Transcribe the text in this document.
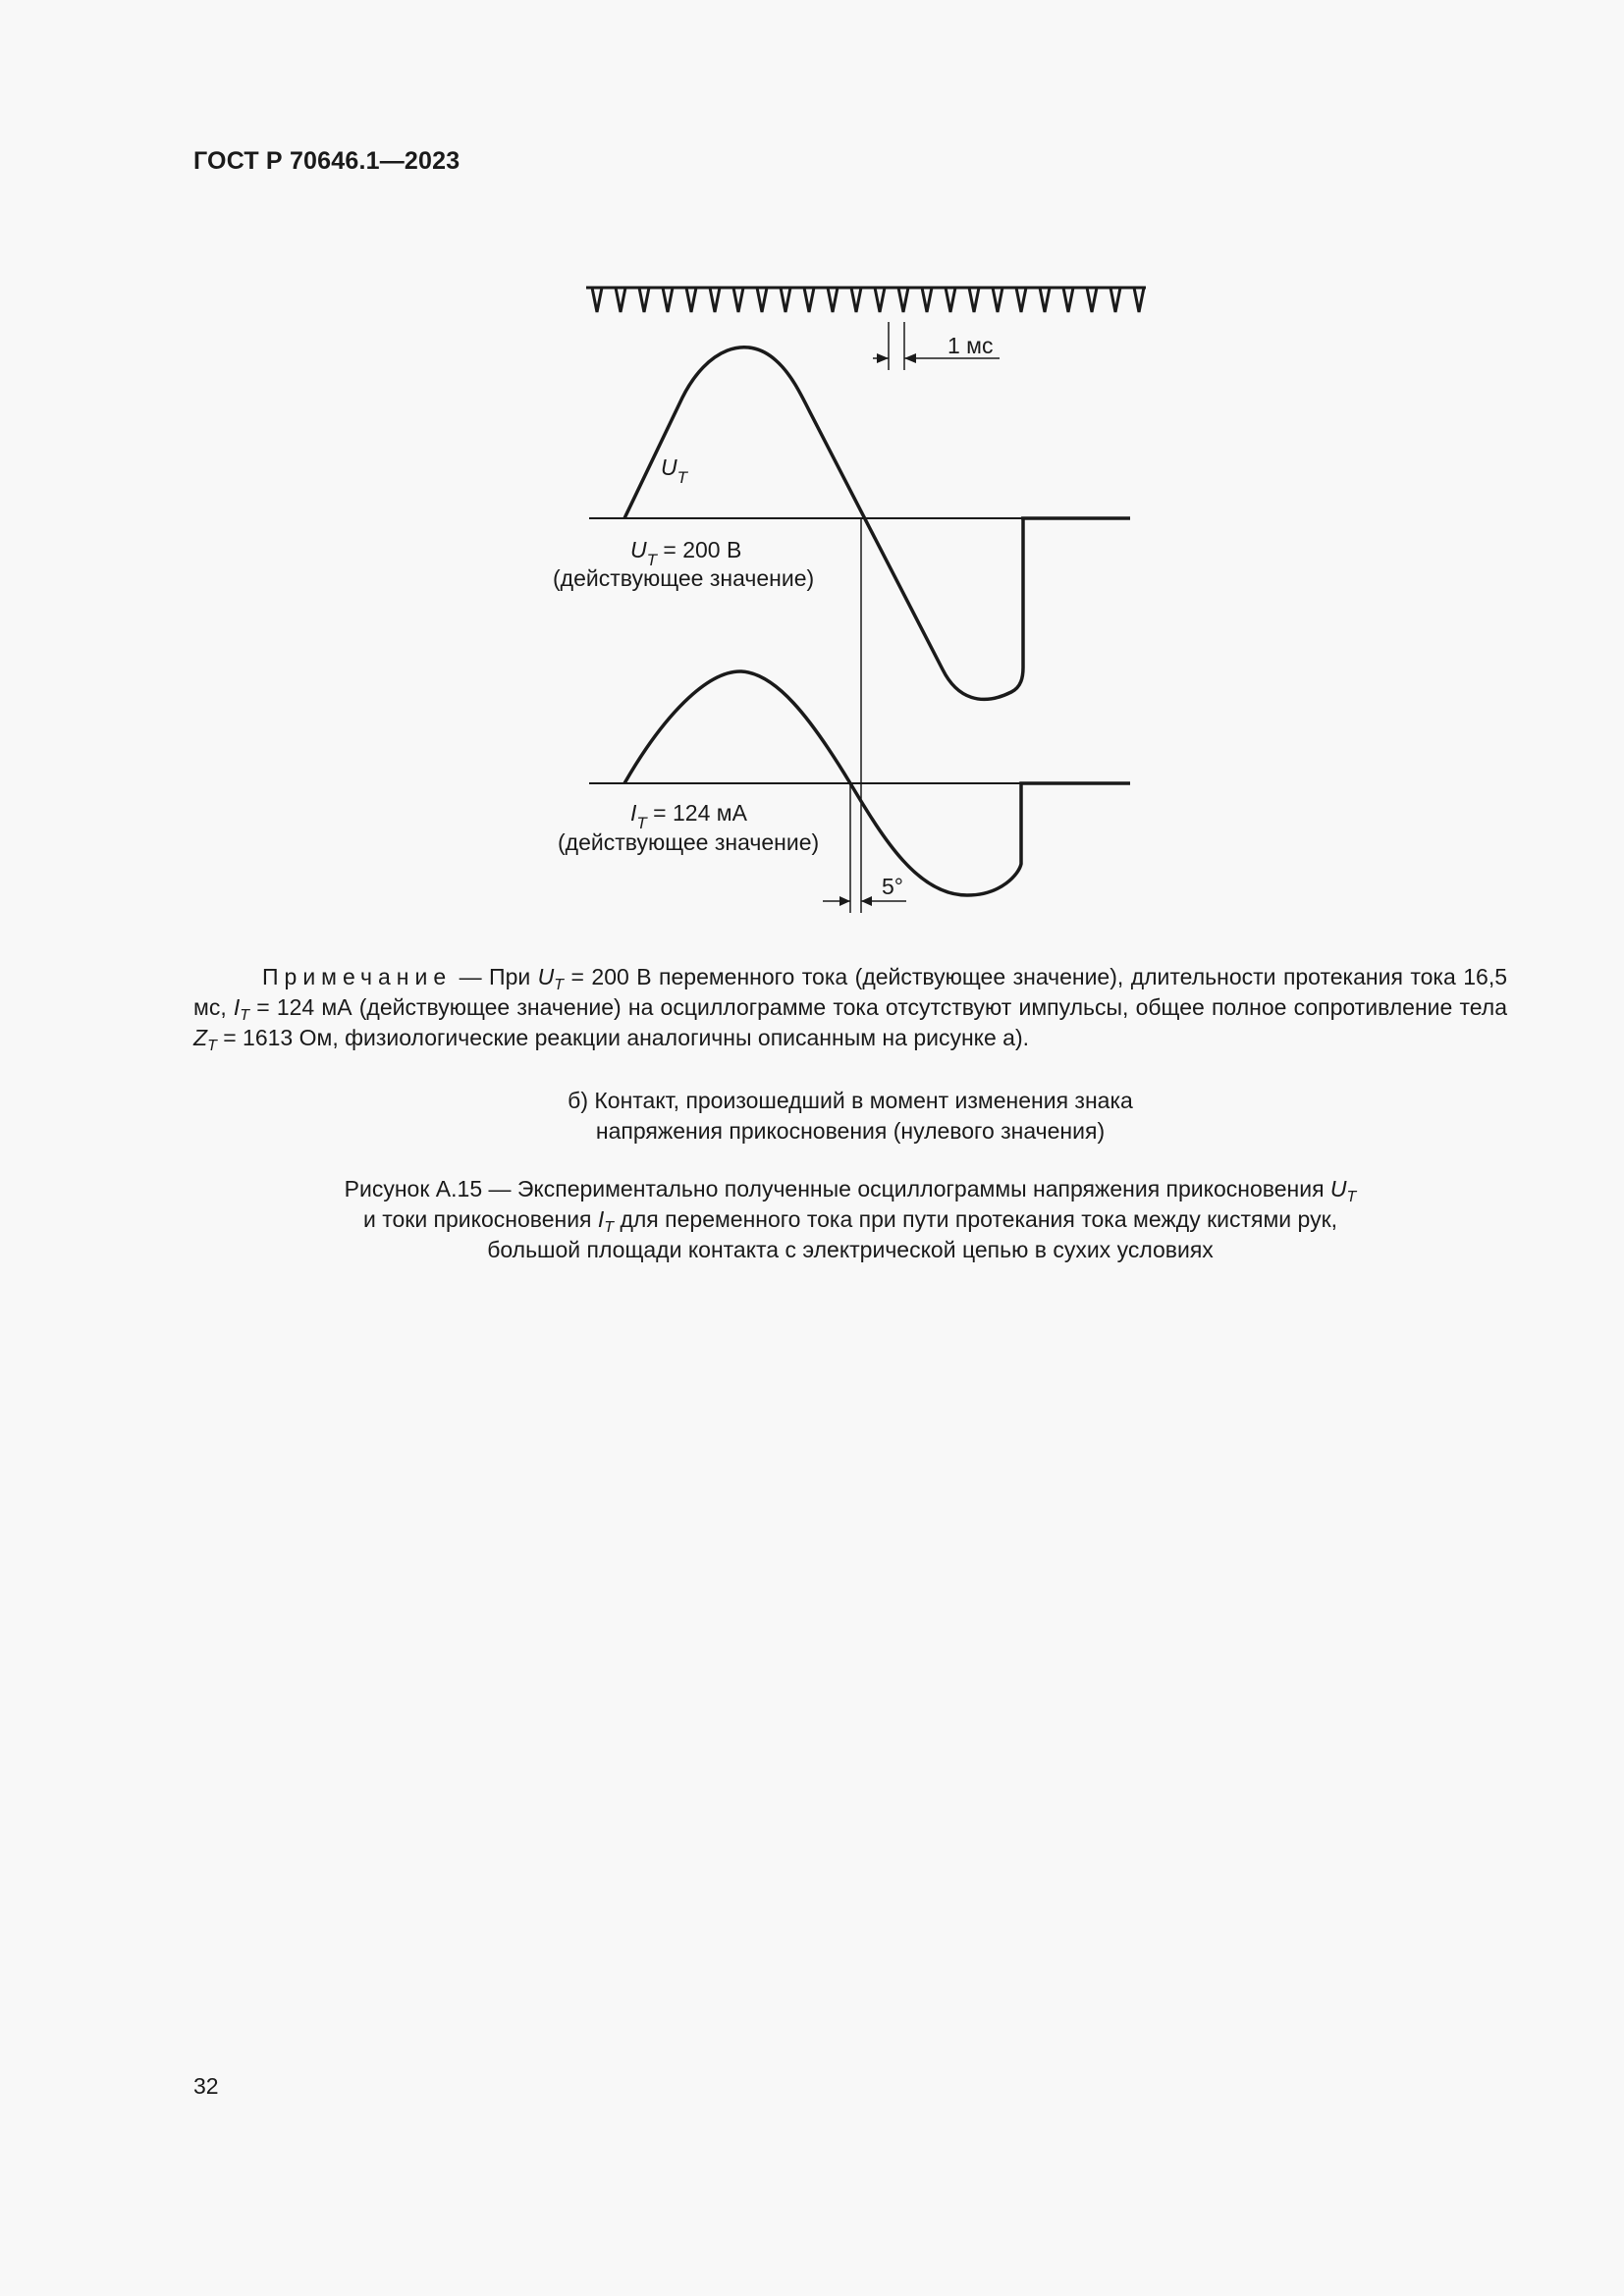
ГОСТ Р 70646.1—2023
1 мс
$U_T$
$U_T = 200$ В
(действующее значение)
$I_T = 124$ мА
(действующее значение)
5°

Примечание — При $U_T = 200$ В переменного тока (действующее значение), длительности протекания тока 16,5 мс, $I_T = 124$ мА (действующее значение) на осциллограмме тока отсутствуют импульсы, общее полное сопротивление тела $Z_T = 1613$ Ом, физиологические реакции аналогичны описанным на рисунке а).

б) Контакт, произошедший в момент изменения знака
напряжения прикосновения (нулевого значения)
Рисунок А.15 — Экспериментально полученные осциллограммы напряжения прикосновения $U_T$
и токи прикосновения $I_T$ для переменного тока при пути протекания тока между кистями рук,
большой площади контакта с электрической цепью в сухих условиях
32
